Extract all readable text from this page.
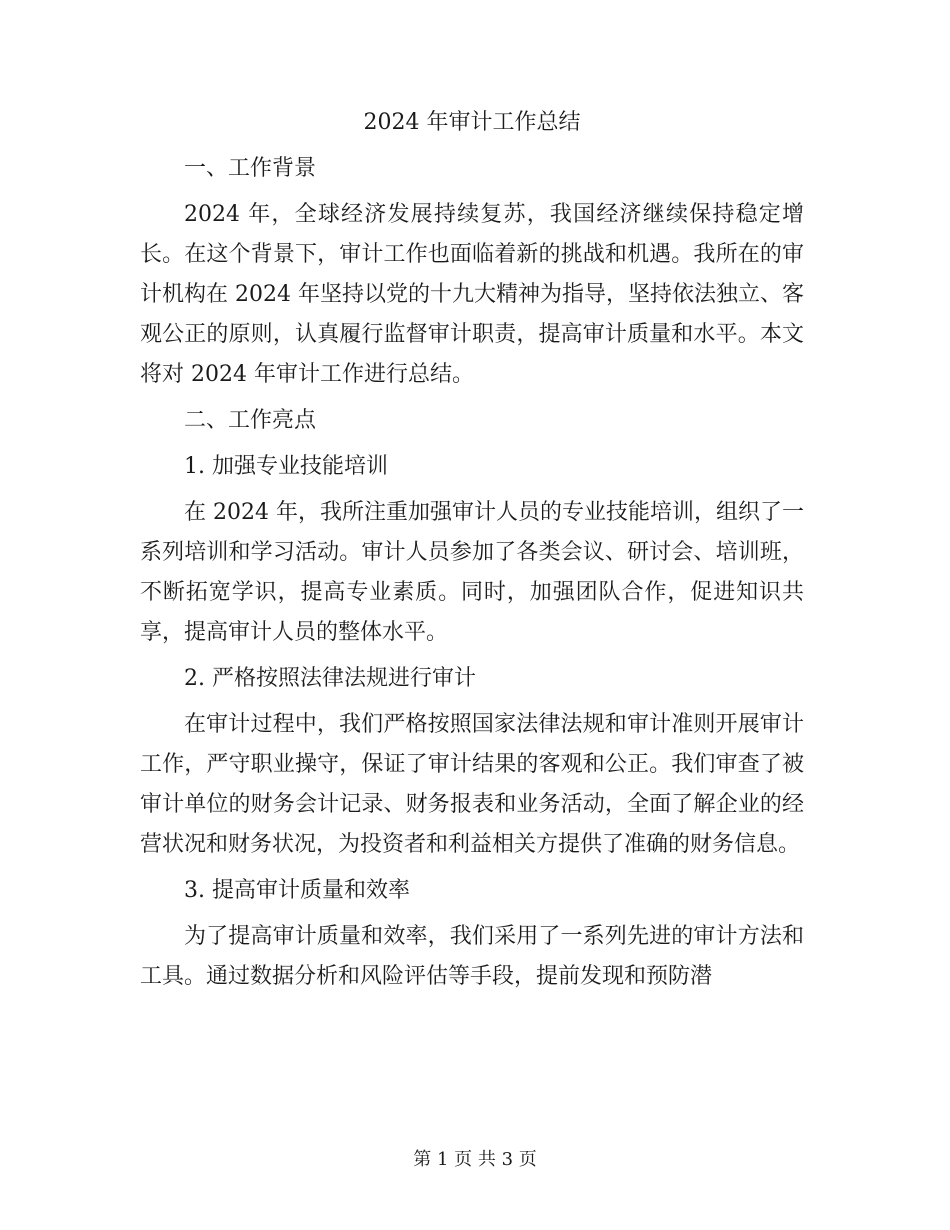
2024 年审计工作总结

一、工作背景

2024 年，全球经济发展持续复苏，我国经济继续保持稳定增长。在这个背景下，审计工作也面临着新的挑战和机遇。我所在的审计机构在 2024 年坚持以党的十九大精神为指导，坚持依法独立、客观公正的原则，认真履行监督审计职责，提高审计质量和水平。本文将对 2024 年审计工作进行总结。

二、工作亮点

1. 加强专业技能培训

在 2024 年，我所注重加强审计人员的专业技能培训，组织了一系列培训和学习活动。审计人员参加了各类会议、研讨会、培训班，不断拓宽学识，提高专业素质。同时，加强团队合作，促进知识共享，提高审计人员的整体水平。

2. 严格按照法律法规进行审计

在审计过程中，我们严格按照国家法律法规和审计准则开展审计工作，严守职业操守，保证了审计结果的客观和公正。我们审查了被审计单位的财务会计记录、财务报表和业务活动，全面了解企业的经营状况和财务状况，为投资者和利益相关方提供了准确的财务信息。

3. 提高审计质量和效率

为了提高审计质量和效率，我们采用了一系列先进的审计方法和工具。通过数据分析和风险评估等手段，提前发现和预防潜

第 1 页 共 3 页
